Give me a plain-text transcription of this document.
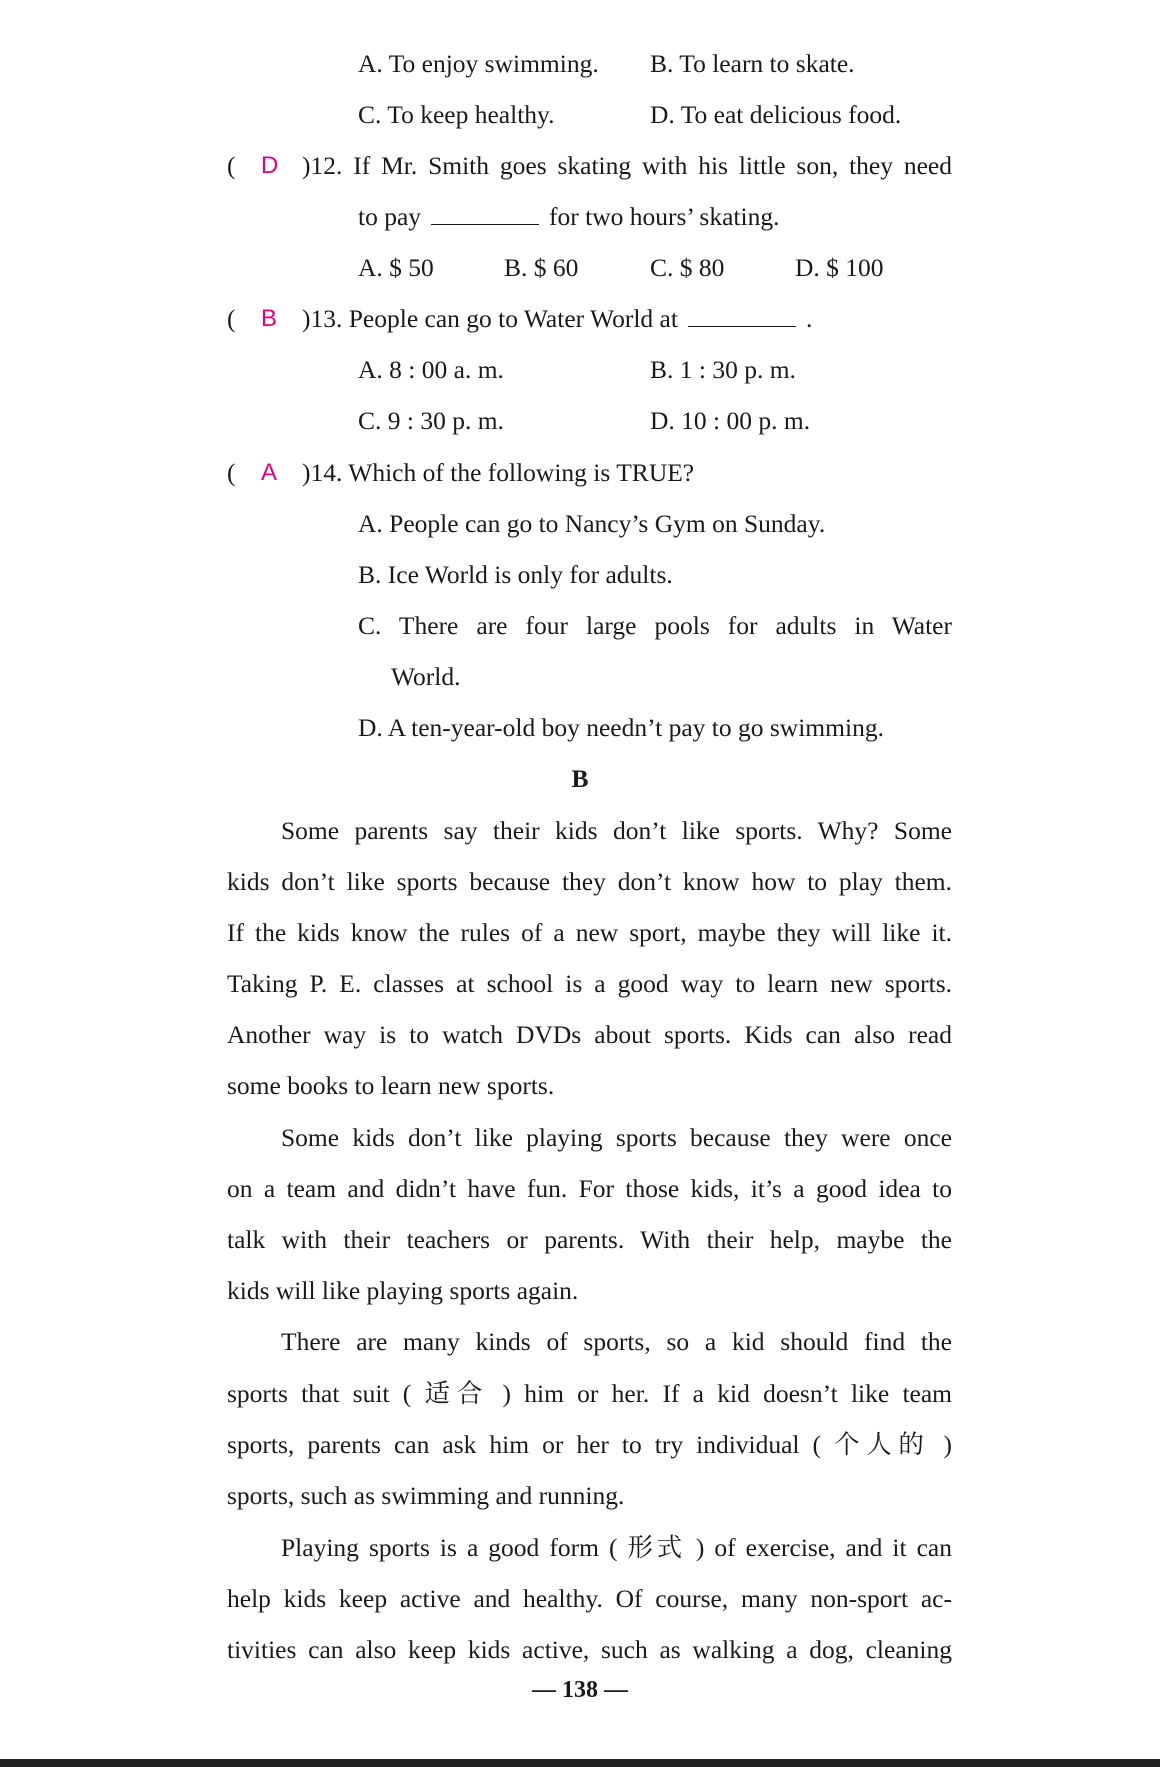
A. To enjoy swimming. B. To learn to skate.
C. To keep healthy.	D. To eat delicious food.
( D )12. If Mr. Smith goes skating with his little son, they need
to pay	for two hours’ skating.
A. $ 50	B. $ 60	C. $ 80	D. $ 100
( B )13. People can go to Water World at	.
A. 8 : 00 a. m.	B. 1 : 30 p. m.
C. 9 : 30 p. m.	D. 10 : 00 p. m.
( A )14. Which of the following is TRUE?
A. People can go to Nancy’s Gym on Sunday.
B. Ice World is only for adults.
C. There are four large pools for adults in Water
World.
D. A ten-year-old boy needn’t pay to go swimming.
B
Some parents say their kids don’t like sports. Why? Some
kids don’t like sports because they don’t know how to play them.
If the kids know the rules of a new sport, maybe they will like it.
Taking P. E. classes at school is a good way to learn new sports.
Another way is to watch DVDs about sports. Kids can also read
some books to learn new sports.
Some kids don’t like playing sports because they were once
on a team and didn’t have fun. For those kids, it’s a good idea to
talk with their teachers or parents. With their help, maybe the
kids will like playing sports again.
There are many kinds of sports, so a kid should find the
sports that suit ( 适合 ) him or her. If a kid doesn’t like team
sports, parents can ask him or her to try individual ( 个人的 )
sports, such as swimming and running.
Playing sports is a good form ( 形式 ) of exercise, and it can
help kids keep active and healthy. Of course, many non-sport ac-
tivities can also keep kids active, such as walking a dog, cleaning
— 138 —
